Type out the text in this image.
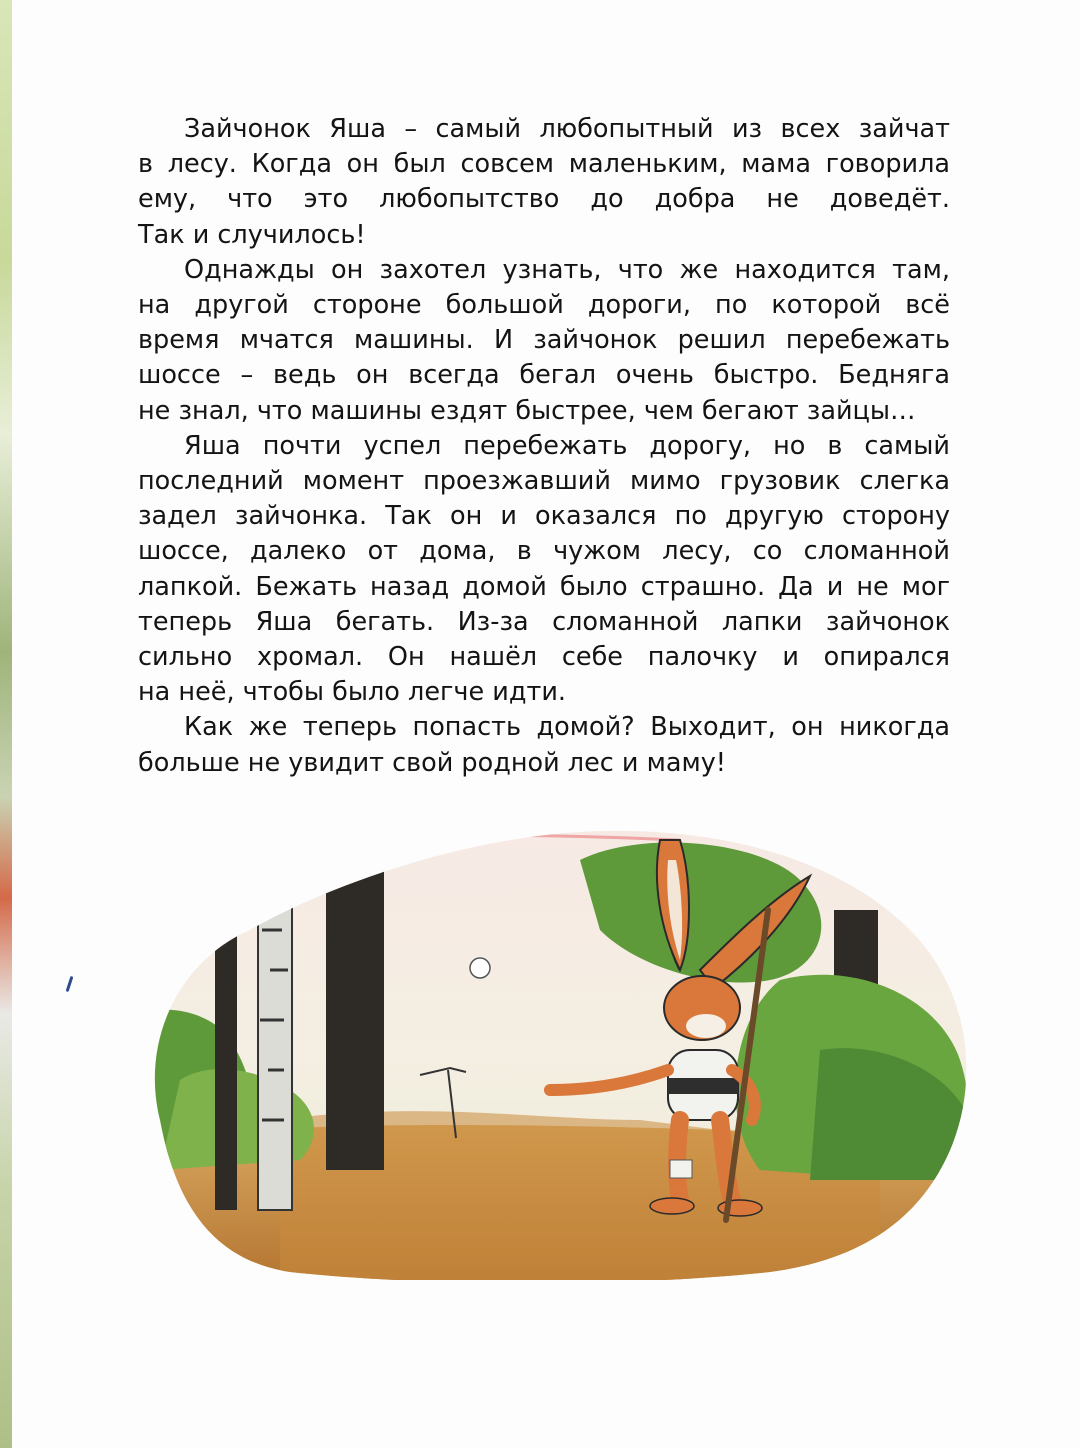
Зайчонок Яша – самый любопытный из всех зайчат
в лесу. Когда он был совсем маленьким, мама говорила
ему, что это любопытство до добра не доведёт.
Так и случилось!
Однажды он захотел узнать, что же находится там,
на другой стороне большой дороги, по которой всё
время мчатся машины. И зайчонок решил перебежать
шоссе – ведь он всегда бегал очень быстро. Бедняга
не знал, что машины ездят быстрее, чем бегают зайцы…
Яша почти успел перебежать дорогу, но в самый
последний момент проезжавший мимо грузовик слегка
задел зайчонка. Так он и оказался по другую сторону
шоссе, далеко от дома, в чужом лесу, со сломанной
лапкой. Бежать назад домой было страшно. Да и не мог
теперь Яша бегать. Из-за сломанной лапки зайчонок
сильно хромал. Он нашёл себе палочку и опирался
на неё, чтобы было легче идти.
Как же теперь попасть домой? Выходит, он никогда
больше не увидит свой родной лес и маму!
